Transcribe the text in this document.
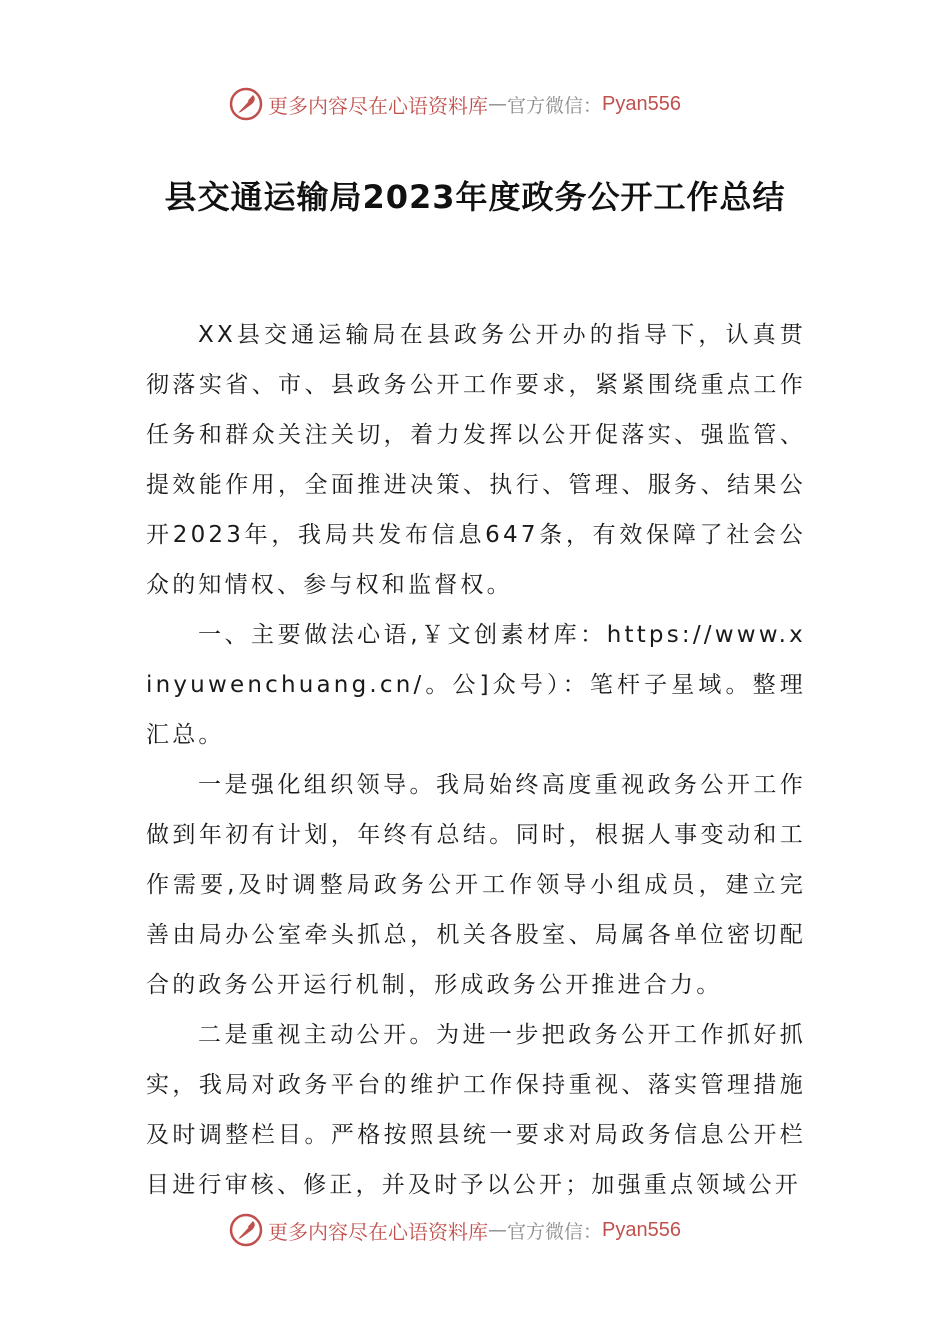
更多内容尽在心语资料库 — 官方微信： Pyan556
县交通运输局2023年度政务公开工作总结

XX县交通运输局在县政务公开办的指导下，认真贯彻落实省、市、县政务公开工作要求，紧紧围绕重点工作任务和群众关注关切，着力发挥以公开促落实、强监管、提效能作用，全面推进决策、执行、管理、服务、结果公开2023年，我局共发布信息647条，有效保障了社会公众的知情权、参与权和监督权。

一、主要做法心语,￥文创素材库：https://www.xinyuwenchuang.cn/。公]众号）：笔杆子星域。整理汇总。

一是强化组织领导。我局始终高度重视政务公开工作做到年初有计划，年终有总结。同时，根据人事变动和工作需要,及时调整局政务公开工作领导小组成员，建立完善由局办公室牵头抓总，机关各股室、局属各单位密切配合的政务公开运行机制，形成政务公开推进合力。

二是重视主动公开。为进一步把政务公开工作抓好抓实，我局对政务平台的维护工作保持重视、落实管理措施及时调整栏目。严格按照县统一要求对局政务信息公开栏目进行审核、修正，并及时予以公开；加强重点领域公开

更多内容尽在心语资料库 — 官方微信： Pyan556
